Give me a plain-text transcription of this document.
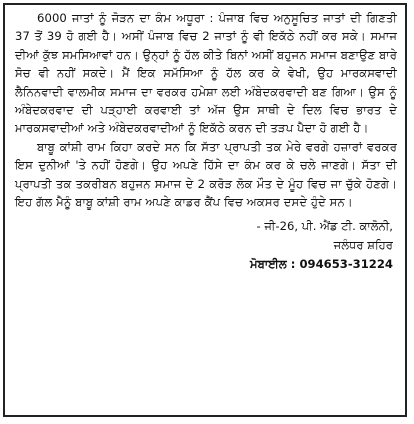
6000 ਜਾਤਾਂ ਨੂੰ ਜੋੜਨ ਦਾ ਕੰਮ ਅਧੂਰਾ : ਪੰਜਾਬ ਵਿਚ ਅਨੁਸੂਚਿਤ ਜਾਤਾਂ ਦੀ ਗਿਣਤੀ 37 ਤੋਂ 39 ਹੋ ਗਈ ਹੈ। ਅਸੀਂ ਪੰਜਾਬ ਵਿਚ 2 ਜਾਤਾਂ ਨੂੰ ਵੀ ਇਕੱਠੇ ਨਹੀਂ ਕਰ ਸਕੇ। ਸਮਾਜ ਦੀਆਂ ਕੁੱਝ ਸਮਸਿਆਵਾਂ ਹਨ। ਉਨ੍ਹਾਂ ਨੂੰ ਹੱਲ ਕੀਤੇ ਬਿਨਾਂ ਅਸੀਂ ਬਹੁਜਨ ਸਮਾਜ ਬਣਾਉਣ ਬਾਰੇ ਸੋਚ ਵੀ ਨਹੀਂ ਸਕਦੇ। ਮੈਂ ਇਕ ਸਮੱਸਿਆ ਨੂੰ ਹੱਲ ਕਰ ਕੇ ਵੇਖੀ, ਉਹ ਮਾਰਕਸਵਾਦੀ ਲੈਨਿਨਵਾਦੀ ਵਾਲਮੀਕ ਸਮਾਜ ਦਾ ਵਰਕਰ ਹਮੇਸ਼ਾ ਲਈ ਅੰਬੇਦਕਰਵਾਦੀ ਬਣ ਗਿਆ। ਉਸ ਨੂੰ ਅੰਬੇਦਕਰਵਾਦ ਦੀ ਪੜ੍ਹਾਈ ਕਰਵਾਈ ਤਾਂ ਅੱਜ ਉਸ ਸਾਥੀ ਦੇ ਦਿਲ ਵਿਚ ਭਾਰਤ ਦੇ ਮਾਰਕਸਵਾਦੀਆਂ ਅਤੇ ਅੰਬੇਦਕਰਵਾਦੀਆਂ ਨੂੰ ਇਕੱਠੇ ਕਰਨ ਦੀ ਤੜਪ ਪੈਦਾ ਹੋ ਗਈ ਹੈ।

ਬਾਬੂ ਕਾਂਸ਼ੀ ਰਾਮ ਕਿਹਾ ਕਰਦੇ ਸਨ ਕਿ ਸੱਤਾ ਪ੍ਰਾਪਤੀ ਤਕ ਮੇਰੇ ਵਰਗੇ ਹਜ਼ਾਰਾਂ ਵਰਕਰ ਇਸ ਦੁਨੀਆਂ 'ਤੇ ਨਹੀਂ ਹੋਣਗੇ। ਉਹ ਅਪਣੇ ਹਿੱਸੇ ਦਾ ਕੰਮ ਕਰ ਕੇ ਚਲੇ ਜਾਣਗੇ। ਸੱਤਾ ਦੀ ਪ੍ਰਾਪਤੀ ਤਕ ਤਕਰੀਬਨ ਬਹੁਜਨ ਸਮਾਜ ਦੇ 2 ਕਰੋੜ ਲੋਕ ਮੌਤ ਦੇ ਮੂੰਹ ਵਿਚ ਜਾ ਚੁੱਕੇ ਹੋਣਗੇ। ਇਹ ਗੱਲ ਮੈਨੂੰ ਬਾਬੂ ਕਾਂਸ਼ੀ ਰਾਮ ਅਪਣੇ ਕਾਡਰ ਕੈਂਪ ਵਿਚ ਅਕਸਰ ਦਸਦੇ ਹੁੰਦੇ ਸਨ।

- ਜੀ-26, ਪੀ. ਐਂਡ ਟੀ. ਕਾਲੋਨੀ,
ਜਲੰਧਰ ਸ਼ਹਿਰ
ਮੋਬਾਈਲ : 094653-31224
